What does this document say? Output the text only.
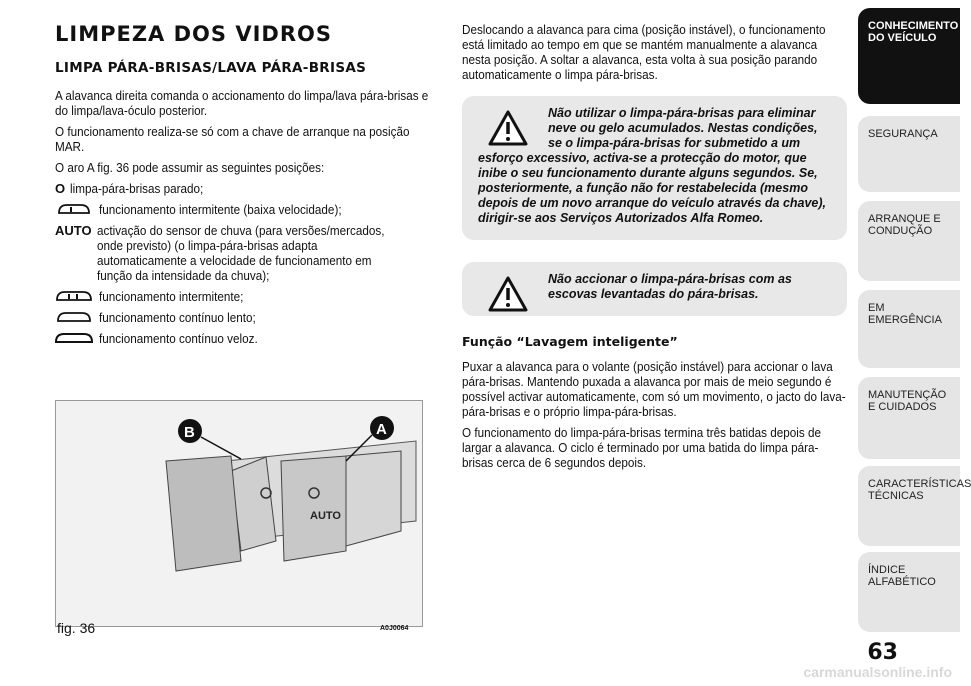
LIMPEZA DOS VIDROS
LIMPA PÁRA-BRISAS/LAVA PÁRA-BRISAS
A alavanca direita comanda o accionamento do limpa/lava pára-brisas e do limpa/lava-óculo posterior.
O funcionamento realiza-se só com a chave de arranque na posição MAR.
O aro A fig. 36 pode assumir as seguintes posições:
O limpa-pára-brisas parado;
funcionamento intermitente (baixa velocidade);
AUTO activação do sensor de chuva (para versões/mercados, onde previsto) (o limpa-pára-brisas adapta automaticamente a velocidade de funcionamento em função da intensidade da chuva);
funcionamento intermitente;
funcionamento contínuo lento;
funcionamento contínuo veloz.
AUTO
B	A
fig. 36	A0J0064
Deslocando a alavanca para cima (posição instável), o funcionamento está limitado ao tempo em que se mantém manualmente a alavanca nesta posição. A soltar a alavanca, esta volta à sua posição parando automaticamente o limpa pára-brisas.
Não utilizar o limpa-pára-brisas para eliminar neve ou gelo acumulados. Nestas condições, se o limpa-pára-brisas for submetido a um esforço excessivo, activa-se a protecção do motor, que inibe o seu funcionamento durante alguns segundos. Se, posteriormente, a função não for restabelecida (mesmo depois de um novo arranque do veículo através da chave), dirigir-se aos Serviços Autorizados Alfa Romeo.
Não accionar o limpa-pára-brisas com as escovas levantadas do pára-brisas.
Função “Lavagem inteligente”
Puxar a alavanca para o volante (posição instável) para accionar o lava pára-brisas. Mantendo puxada a alavanca por mais de meio segundo é possível activar automaticamente, com só um movimento, o jacto do lava-pára-brisas e o próprio limpa-pára-brisas.
O funcionamento do limpa-pára-brisas termina três batidas depois de largar a alavanca. O ciclo é terminado por uma batida do limpa pára-brisas cerca de 6 segundos depois.
CONHECIMENTO DO VEÍCULO
SEGURANÇA
ARRANQUE E CONDUÇÃO
EM EMERGÊNCIA
MANUTENÇÃO E CUIDADOS
CARACTERÍSTICAS TÉCNICAS
ÍNDICE ALFABÉTICO
63
carmanualsonline.info
